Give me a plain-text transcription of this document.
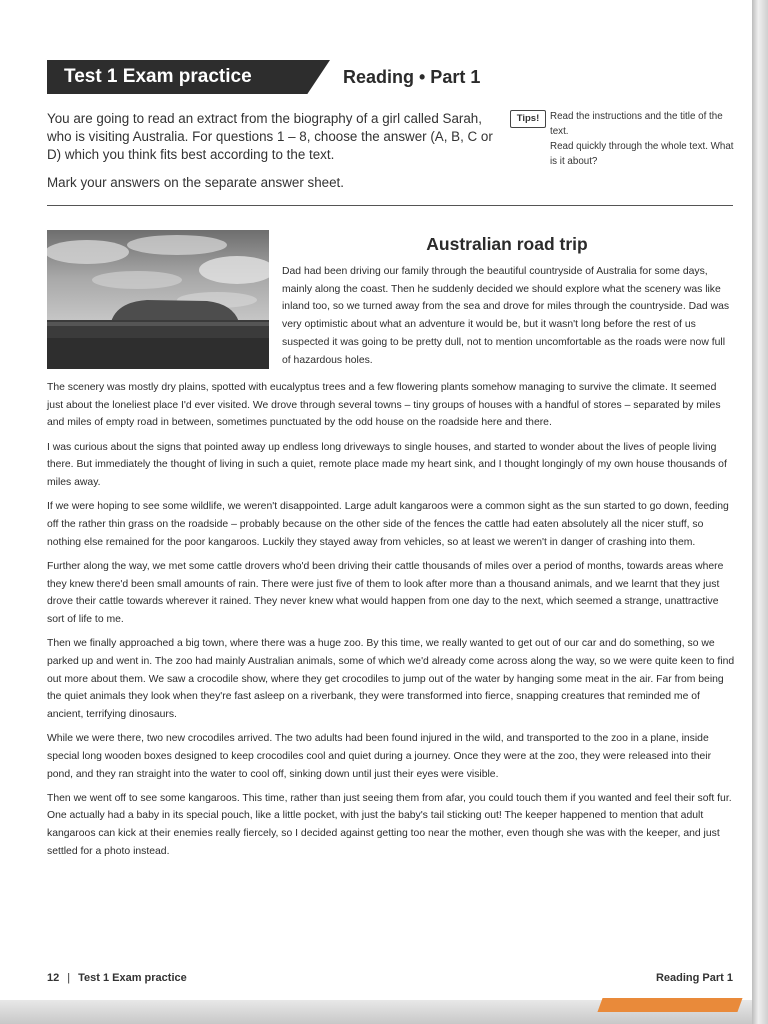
Test 1 Exam practice	Reading • Part 1

You are going to read an extract from the biography of a girl called Sarah, who is visiting Australia. For questions 1 – 8, choose the answer (A, B, C or D) which you think fits best according to the text.

Mark your answers on the separate answer sheet.

Tips!	Read the instructions and the title of the text.

Read quickly through the whole text. What is it about?

Australian road trip
Dad had been driving our family through the beautiful countryside of Australia for some days, mainly along the coast. Then he suddenly decided we should explore what the scenery was like inland too, so we turned away from the sea and drove for miles through the countryside. Dad was very optimistic about what an adventure it would be, but it wasn't long before the rest of us suspected it was going to be pretty dull, not to mention uncomfortable as the roads were now full of hazardous holes.

The scenery was mostly dry plains, spotted with eucalyptus trees and a few flowering plants somehow managing to survive the climate. It seemed just about the loneliest place I'd ever visited. We drove through several towns – tiny groups of houses with a handful of stores – separated by miles and miles of empty road in between, sometimes punctuated by the odd house on the roadside here and there.

I was curious about the signs that pointed away up endless long driveways to single houses, and started to wonder about the lives of people living there. But immediately the thought of living in such a quiet, remote place made my heart sink, and I thought longingly of my own house thousands of miles away.

If we were hoping to see some wildlife, we weren't disappointed. Large adult kangaroos were a common sight as the sun started to go down, feeding off the rather thin grass on the roadside – probably because on the other side of the fences the cattle had eaten absolutely all the nicer stuff, so nothing else remained for the poor kangaroos. Luckily they stayed away from vehicles, so at least we weren't in danger of crashing into them.

Further along the way, we met some cattle drovers who'd been driving their cattle thousands of miles over a period of months, towards areas where they knew there'd been small amounts of rain. There were just five of them to look after more than a thousand animals, and we learnt that they just drove their cattle towards wherever it rained. They never knew what would happen from one day to the next, which seemed a strange, unattractive sort of life to me.

Then we finally approached a big town, where there was a huge zoo. By this time, we really wanted to get out of our car and do something, so we parked up and went in. The zoo had mainly Australian animals, some of which we'd already come across along the way, so we were quite keen to find out more about them. We saw a crocodile show, where they get crocodiles to jump out of the water by hanging some meat in the air. Far from being the quiet animals they look when they're fast asleep on a riverbank, they were transformed into fierce, snapping creatures that reminded me of ancient, terrifying dinosaurs.

While we were there, two new crocodiles arrived. The two adults had been found injured in the wild, and transported to the zoo in a plane, inside special long wooden boxes designed to keep crocodiles cool and quiet during a journey. Once they were at the zoo, they were released into their pond, and they ran straight into the water to cool off, sinking down until just their eyes were visible.

Then we went off to see some kangaroos. This time, rather than just seeing them from afar, you could touch them if you wanted and feel their soft fur. One actually had a baby in its special pouch, like a little pocket, with just the baby's tail sticking out! The keeper happened to mention that adult kangaroos can kick at their enemies really fiercely, so I decided against getting too near the mother, even though she was with the keeper, and just settled for a photo instead.

12 | Test 1 Exam practice	Reading Part 1
